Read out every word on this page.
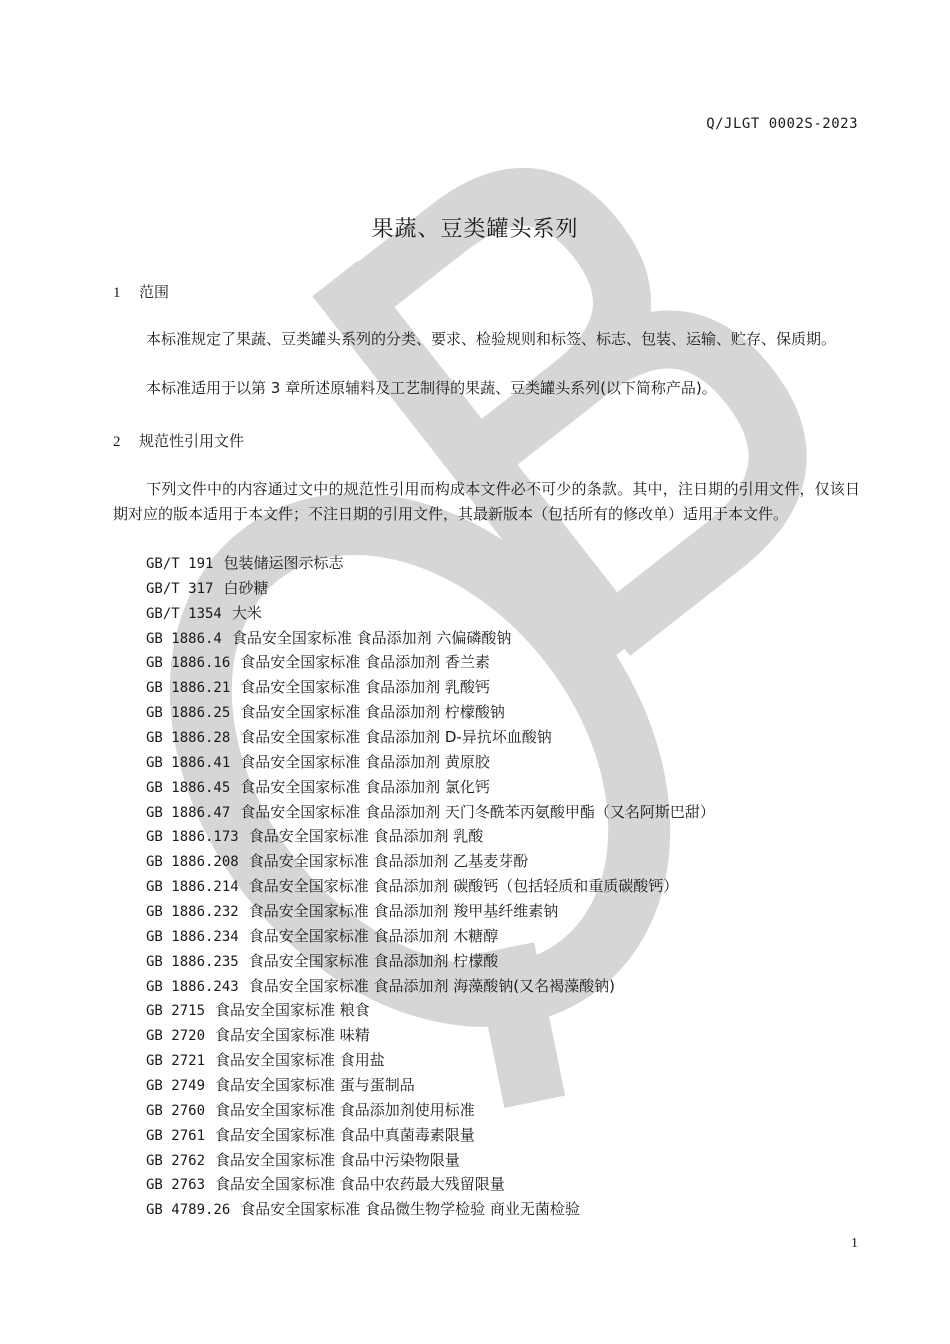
Q/JLGT 0002S-2023
果蔬、豆类罐头系列
1 范围
本标准规定了果蔬、豆类罐头系列的分类、要求、检验规则和标签、标志、包装、运输、贮存、保质期。
本标准适用于以第 3 章所述原辅料及工艺制得的果蔬、豆类罐头系列(以下简称产品)。
2 规范性引用文件
下列文件中的内容通过文中的规范性引用而构成本文件必不可少的条款。其中，注日期的引用文件，仅该日期对应的版本适用于本文件；不注日期的引用文件，其最新版本（包括所有的修改单）适用于本文件。
GB/T 191 包装储运图示标志
GB/T 317 白砂糖
GB/T 1354 大米
GB 1886.4 食品安全国家标准 食品添加剂 六偏磷酸钠
GB 1886.16 食品安全国家标准 食品添加剂 香兰素
GB 1886.21 食品安全国家标准 食品添加剂 乳酸钙
GB 1886.25 食品安全国家标准 食品添加剂 柠檬酸钠
GB 1886.28 食品安全国家标准 食品添加剂 D-异抗坏血酸钠
GB 1886.41 食品安全国家标准 食品添加剂 黄原胶
GB 1886.45 食品安全国家标准 食品添加剂 氯化钙
GB 1886.47 食品安全国家标准 食品添加剂 天门冬酰苯丙氨酸甲酯（又名阿斯巴甜）
GB 1886.173 食品安全国家标准 食品添加剂 乳酸
GB 1886.208 食品安全国家标准 食品添加剂 乙基麦芽酚
GB 1886.214 食品安全国家标准 食品添加剂 碳酸钙（包括轻质和重质碳酸钙）
GB 1886.232 食品安全国家标准 食品添加剂 羧甲基纤维素钠
GB 1886.234 食品安全国家标准 食品添加剂 木糖醇
GB 1886.235 食品安全国家标准 食品添加剂 柠檬酸
GB 1886.243 食品安全国家标准 食品添加剂 海藻酸钠(又名褐藻酸钠)
GB 2715 食品安全国家标准 粮食
GB 2720 食品安全国家标准 味精
GB 2721 食品安全国家标准 食用盐
GB 2749 食品安全国家标准 蛋与蛋制品
GB 2760 食品安全国家标准 食品添加剂使用标准
GB 2761 食品安全国家标准 食品中真菌毒素限量
GB 2762 食品安全国家标准 食品中污染物限量
GB 2763 食品安全国家标准 食品中农药最大残留限量
GB 4789.26 食品安全国家标准 食品微生物学检验 商业无菌检验
1
